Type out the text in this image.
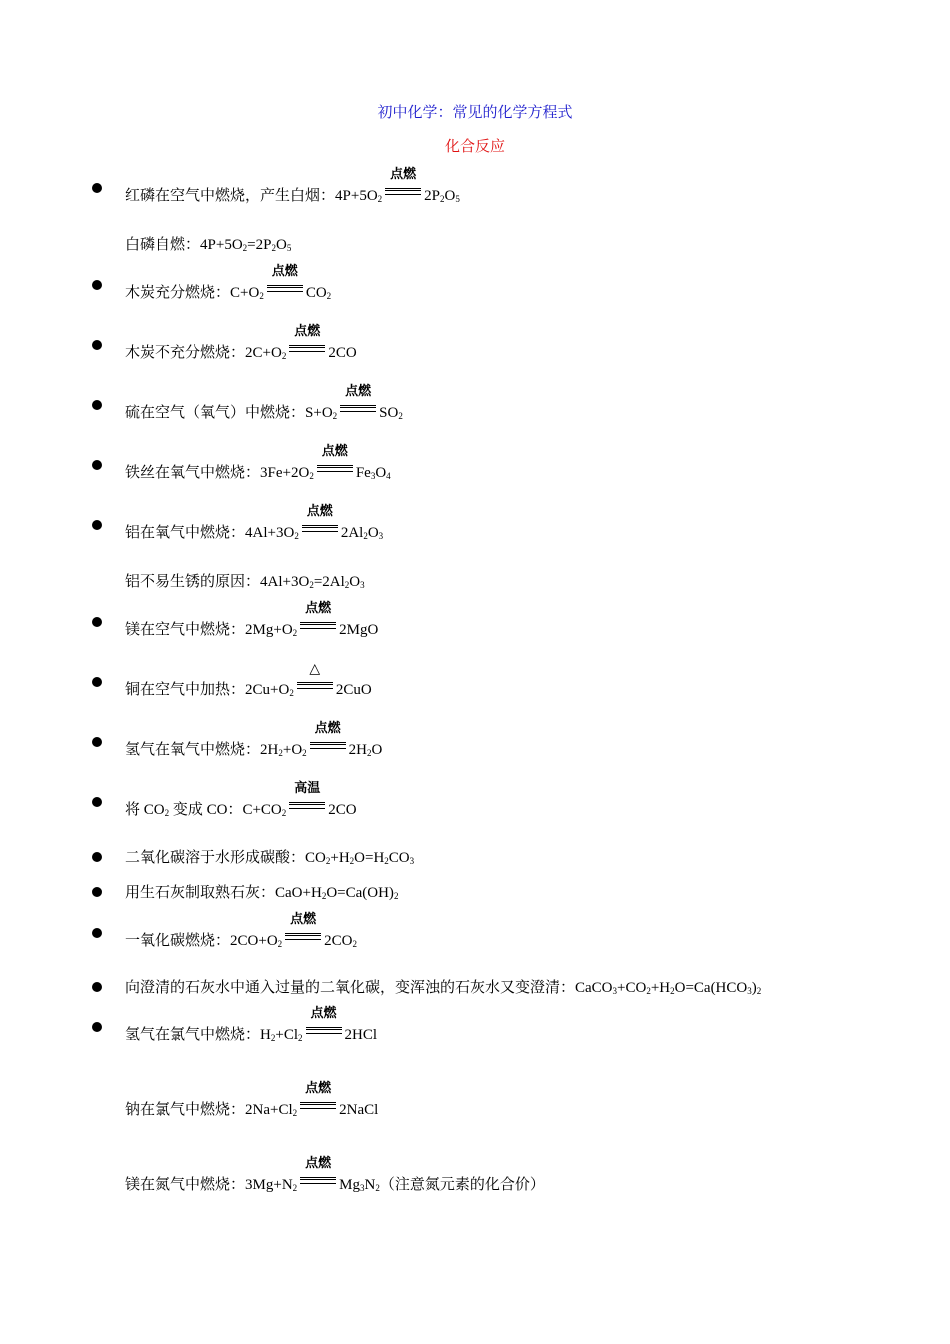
初中化学：常见的化学方程式
化合反应
红磷在空气中燃烧，产生白烟：$4P+5O_2$
点燃
$2P_2O_5$
白磷自燃：$4P+5O_2=2P_2O_5$
木炭充分燃烧：$C+O_2$
点燃
$CO_2$
木炭不充分燃烧：$2C+O_2$
点燃
2CO
硫在空气（氧气）中燃烧：$S+O_2$
点燃
$SO_2$
铁丝在氧气中燃烧：$3Fe+2O_2$
点燃
$Fe_3O_4$
铝在氧气中燃烧：$4Al+3O_2$
点燃
$2Al_2O_3$
铝不易生锈的原因：$4Al+3O_2=2Al_2O_3$
镁在空气中燃烧：$2Mg+O_2$
点燃
2MgO
铜在空气中加热：$2Cu+O_2$
△
2CuO
氢气在氧气中燃烧：$2H_2+O_2$
点燃
$2H_2O$
将 $CO_2$ 变成 CO：$C+CO_2$
高温
2CO
二氧化碳溶于水形成碳酸：$CO_2+H_2O=H_2CO_3$
用生石灰制取熟石灰：$CaO+H_2O=Ca(OH)_2$
一氧化碳燃烧：$2CO+O_2$
点燃
$2CO_2$
向澄清的石灰水中通入过量的二氧化碳，变浑浊的石灰水又变澄清：$CaCO_3+CO_2+H_2O=Ca(HCO_3)_2$
氢气在氯气中燃烧：$H_2+Cl_2$
点燃
2HCl
钠在氯气中燃烧：$2Na+Cl_2$
点燃
2NaCl
镁在氮气中燃烧：$3Mg+N_2$
点燃
$Mg_3N_2$（注意氮元素的化合价）
